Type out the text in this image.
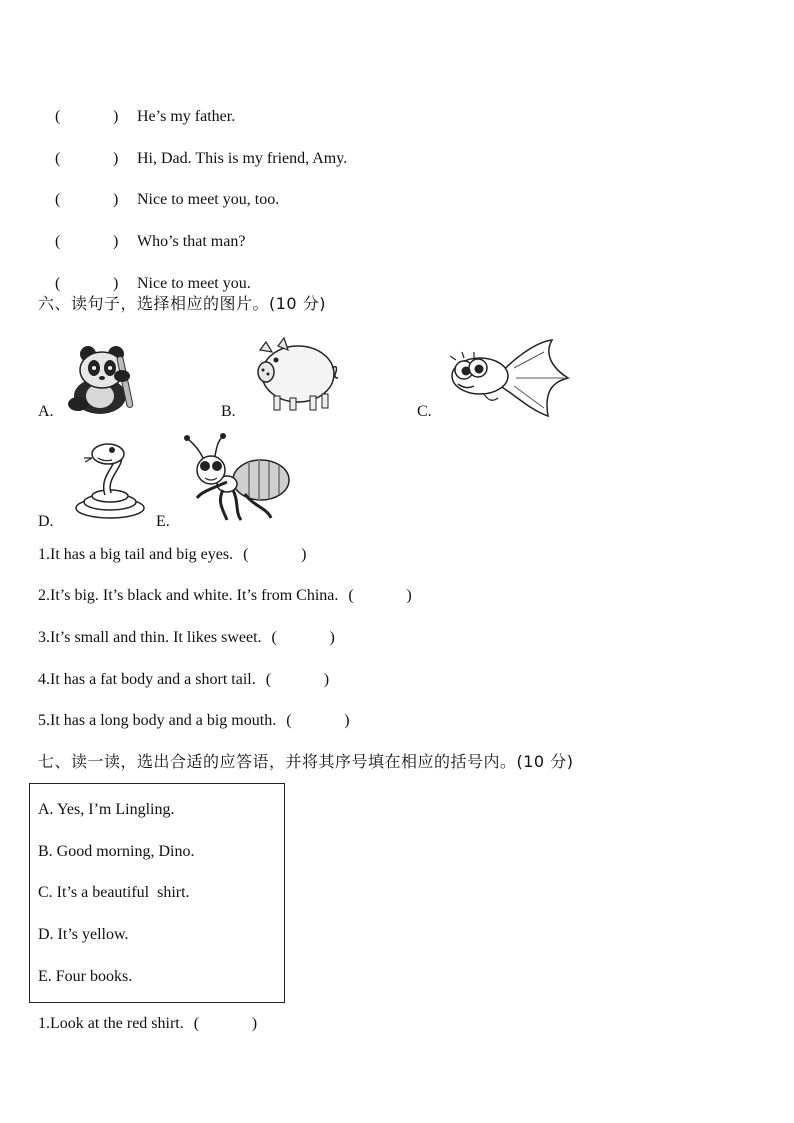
(	) He’s my father.

(	) Hi, Dad. This is my friend, Amy.

(	) Nice to meet you, too.

(	) Who’s that man?

(	) Nice to meet you.

六、读句子，选择相应的图片。(10 分)
A.	B.	C.
D.	E.
1.It has a big tail and big eyes. (	)
2.It’s big. It’s black and white. It’s from China. (	)
3.It’s small and thin. It likes sweet. (	)
4.It has a fat body and a short tail. (	)
5.It has a long body and a big mouth. (	)
七、读一读，选出合适的应答语，并将其序号填在相应的括号内。(10 分)
A. Yes, I’m Lingling.
B. Good morning, Dino.
C. It’s a beautiful  shirt.
D. It’s yellow.
E. Four books.
1.Look at the red shirt. (	)
